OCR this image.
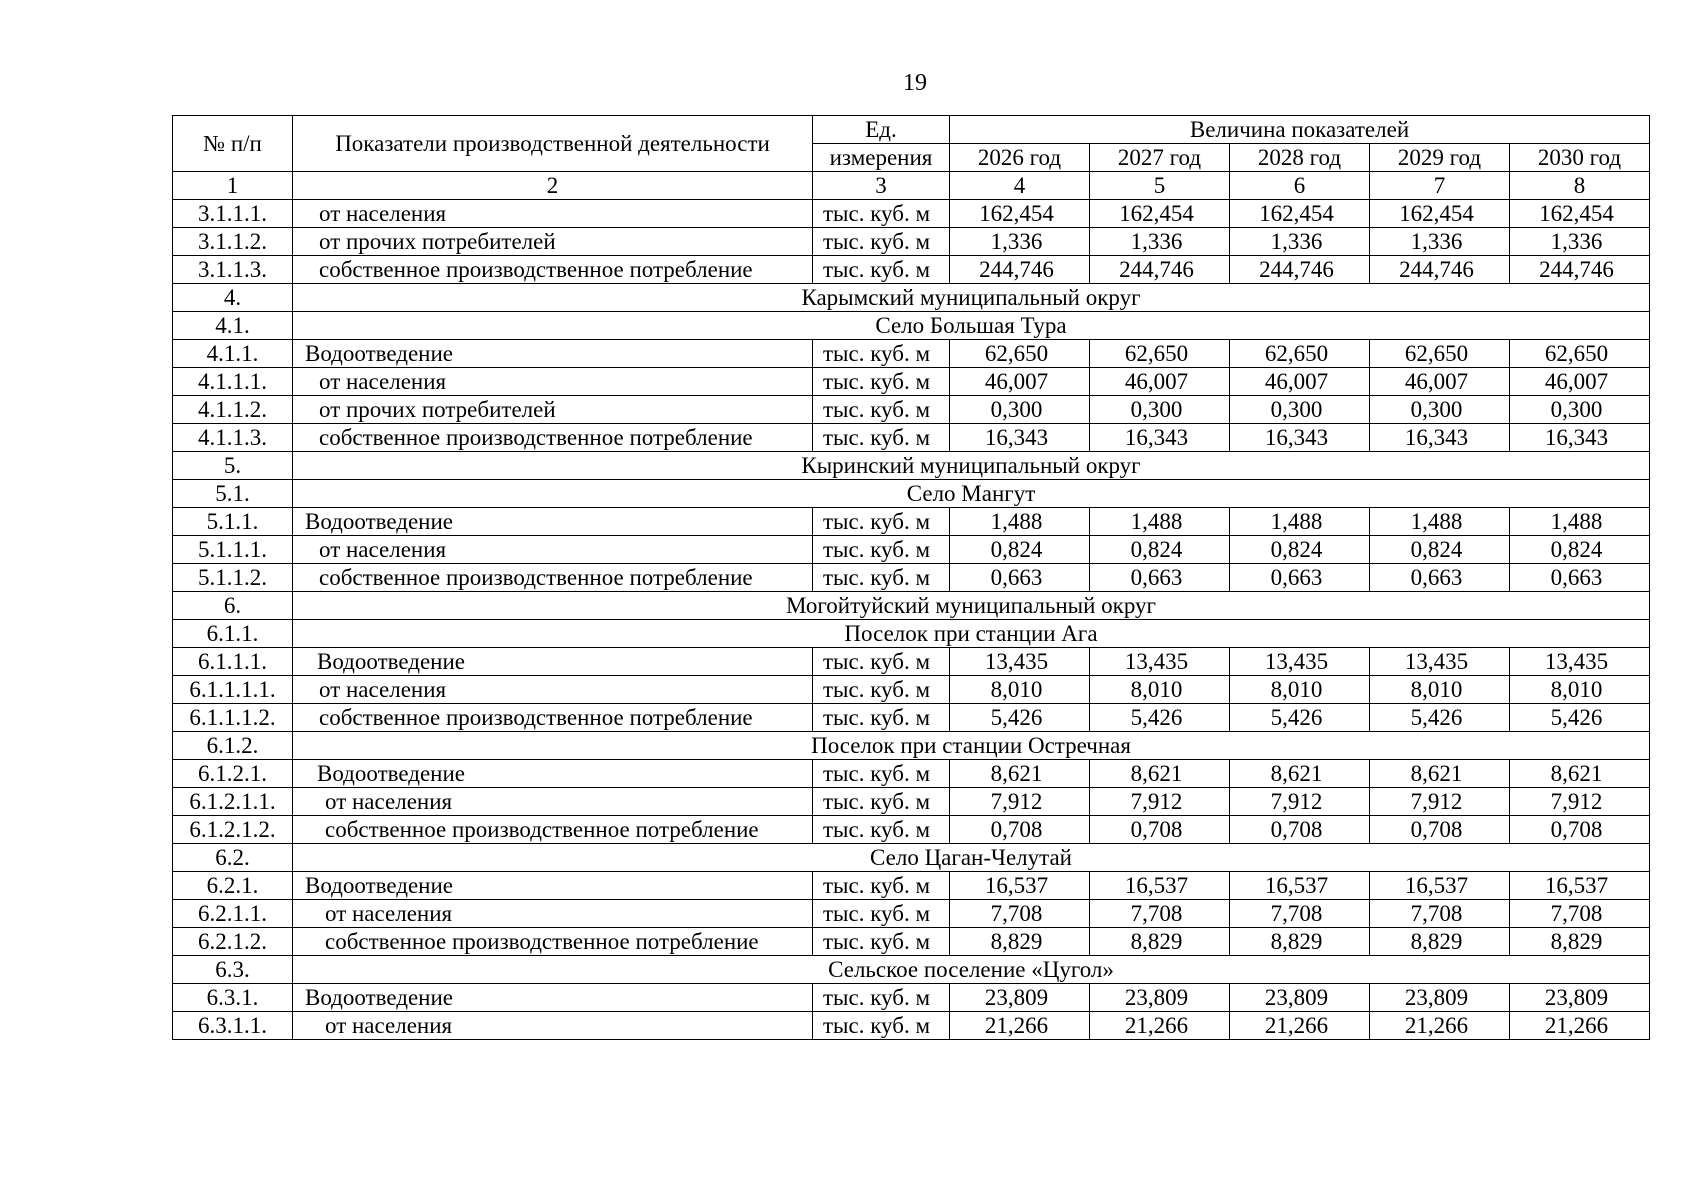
19
№ п/п	Показатели производственной деятельности	Ед.	Величина показателей				
		измерения	2026 год	2027 год	2028 год	2029 год	2030 год
1	2	3	4	5	6	7	8
3.1.1.1.	от населения	тыс. куб. м	162,454	162,454	162,454	162,454	162,454
3.1.1.2.	от прочих потребителей	тыс. куб. м	1,336	1,336	1,336	1,336	1,336
3.1.1.3.	собственное производственное потребление	тыс. куб. м	244,746	244,746	244,746	244,746	244,746
4.	Карымский муниципальный округ						
4.1.	Село Большая Тура						
4.1.1.	Водоотведение	тыс. куб. м	62,650	62,650	62,650	62,650	62,650
4.1.1.1.	от населения	тыс. куб. м	46,007	46,007	46,007	46,007	46,007
4.1.1.2.	от прочих потребителей	тыс. куб. м	0,300	0,300	0,300	0,300	0,300
4.1.1.3.	собственное производственное потребление	тыс. куб. м	16,343	16,343	16,343	16,343	16,343
5.	Кыринский муниципальный округ						
5.1.	Село Мангут						
5.1.1.	Водоотведение	тыс. куб. м	1,488	1,488	1,488	1,488	1,488
5.1.1.1.	от населения	тыс. куб. м	0,824	0,824	0,824	0,824	0,824
5.1.1.2.	собственное производственное потребление	тыс. куб. м	0,663	0,663	0,663	0,663	0,663
6.	Могойтуйский муниципальный округ						
6.1.1.	Поселок при станции Ага						
6.1.1.1.	Водоотведение	тыс. куб. м	13,435	13,435	13,435	13,435	13,435
6.1.1.1.1.	от населения	тыс. куб. м	8,010	8,010	8,010	8,010	8,010
6.1.1.1.2.	собственное производственное потребление	тыс. куб. м	5,426	5,426	5,426	5,426	5,426
6.1.2.	Поселок при станции Остречная						
6.1.2.1.	Водоотведение	тыс. куб. м	8,621	8,621	8,621	8,621	8,621
6.1.2.1.1.	от населения	тыс. куб. м	7,912	7,912	7,912	7,912	7,912
6.1.2.1.2.	собственное производственное потребление	тыс. куб. м	0,708	0,708	0,708	0,708	0,708
6.2.	Село Цаган-Челутай						
6.2.1.	Водоотведение	тыс. куб. м	16,537	16,537	16,537	16,537	16,537
6.2.1.1.	от населения	тыс. куб. м	7,708	7,708	7,708	7,708	7,708
6.2.1.2.	собственное производственное потребление	тыс. куб. м	8,829	8,829	8,829	8,829	8,829
6.3.	Сельское поселение «Цугол»						
6.3.1.	Водоотведение	тыс. куб. м	23,809	23,809	23,809	23,809	23,809
6.3.1.1.	от населения	тыс. куб. м	21,266	21,266	21,266	21,266	21,266
